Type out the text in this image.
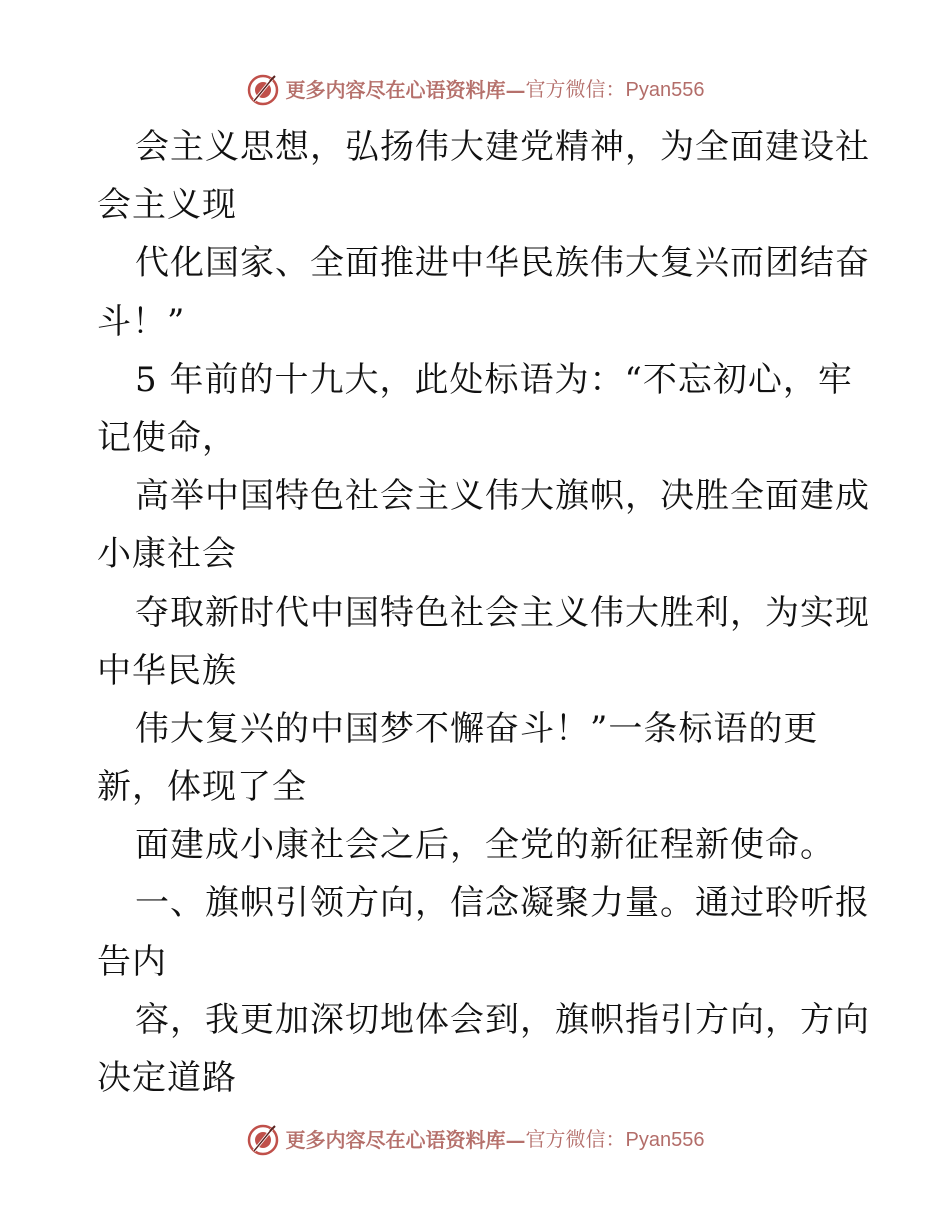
更多内容尽在心语资料库— 官方微信：Pyan556
会主义思想，弘扬伟大建党精神，为全面建设社
会主义现
代化国家、全面推进中华民族伟大复兴而团结奋
斗！”
5 年前的十九大，此处标语为：“不忘初心，牢
记使命，
高举中国特色社会主义伟大旗帜，决胜全面建成
小康社会
夺取新时代中国特色社会主义伟大胜利，为实现
中华民族
伟大复兴的中国梦不懈奋斗！”一条标语的更
新，体现了全
面建成小康社会之后，全党的新征程新使命。
一、旗帜引领方向，信念凝聚力量。通过聆听报
告内
容，我更加深切地体会到，旗帜指引方向，方向
决定道路
更多内容尽在心语资料库— 官方微信：Pyan556
